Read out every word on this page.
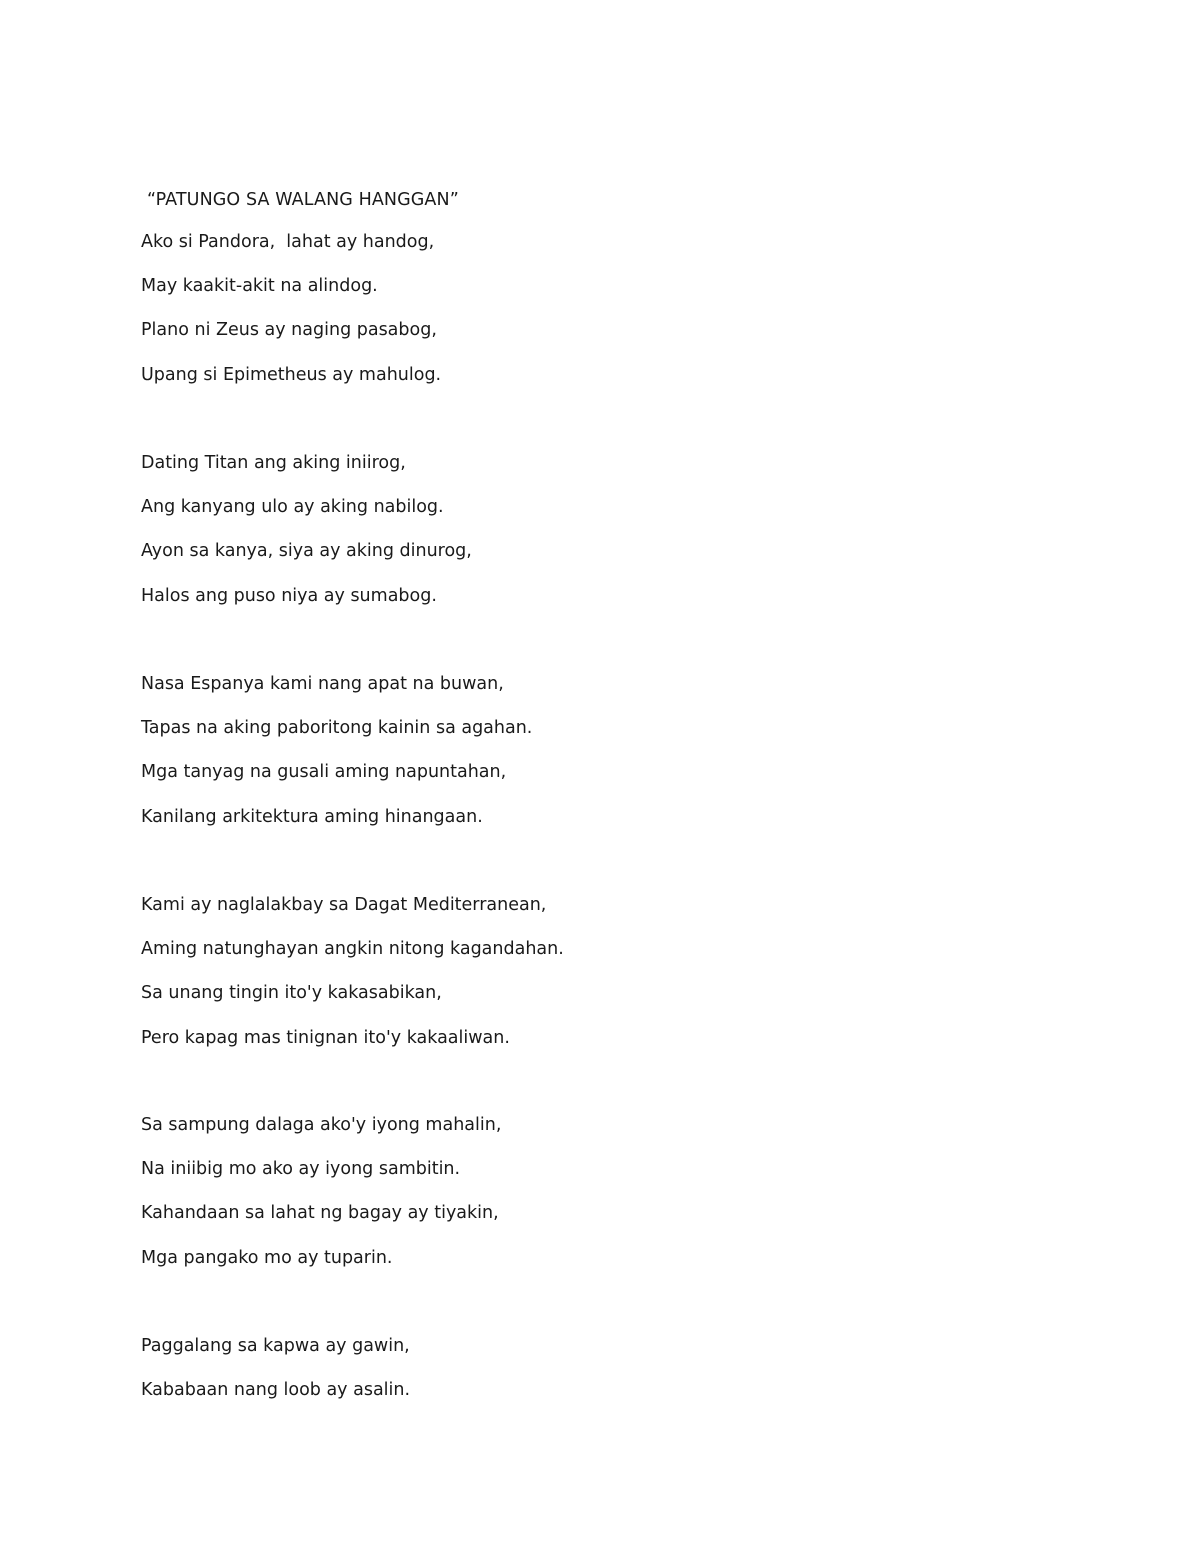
“PATUNGO SA WALANG HANGGAN”
Ako si Pandora,  lahat ay handog,
May kaakit-akit na alindog.
Plano ni Zeus ay naging pasabog,
Upang si Epimetheus ay mahulog.
Dating Titan ang aking iniirog,
Ang kanyang ulo ay aking nabilog.
Ayon sa kanya, siya ay aking dinurog,
Halos ang puso niya ay sumabog.
Nasa Espanya kami nang apat na buwan,
Tapas na aking paboritong kainin sa agahan.
Mga tanyag na gusali aming napuntahan,
Kanilang arkitektura aming hinangaan.
Kami ay naglalakbay sa Dagat Mediterranean,
Aming natunghayan angkin nitong kagandahan.
Sa unang tingin ito'y kakasabikan,
Pero kapag mas tinignan ito'y kakaaliwan.
Sa sampung dalaga ako'y iyong mahalin,
Na iniibig mo ako ay iyong sambitin.
Kahandaan sa lahat ng bagay ay tiyakin,
Mga pangako mo ay tuparin.
Paggalang sa kapwa ay gawin,
Kababaan nang loob ay asalin.
